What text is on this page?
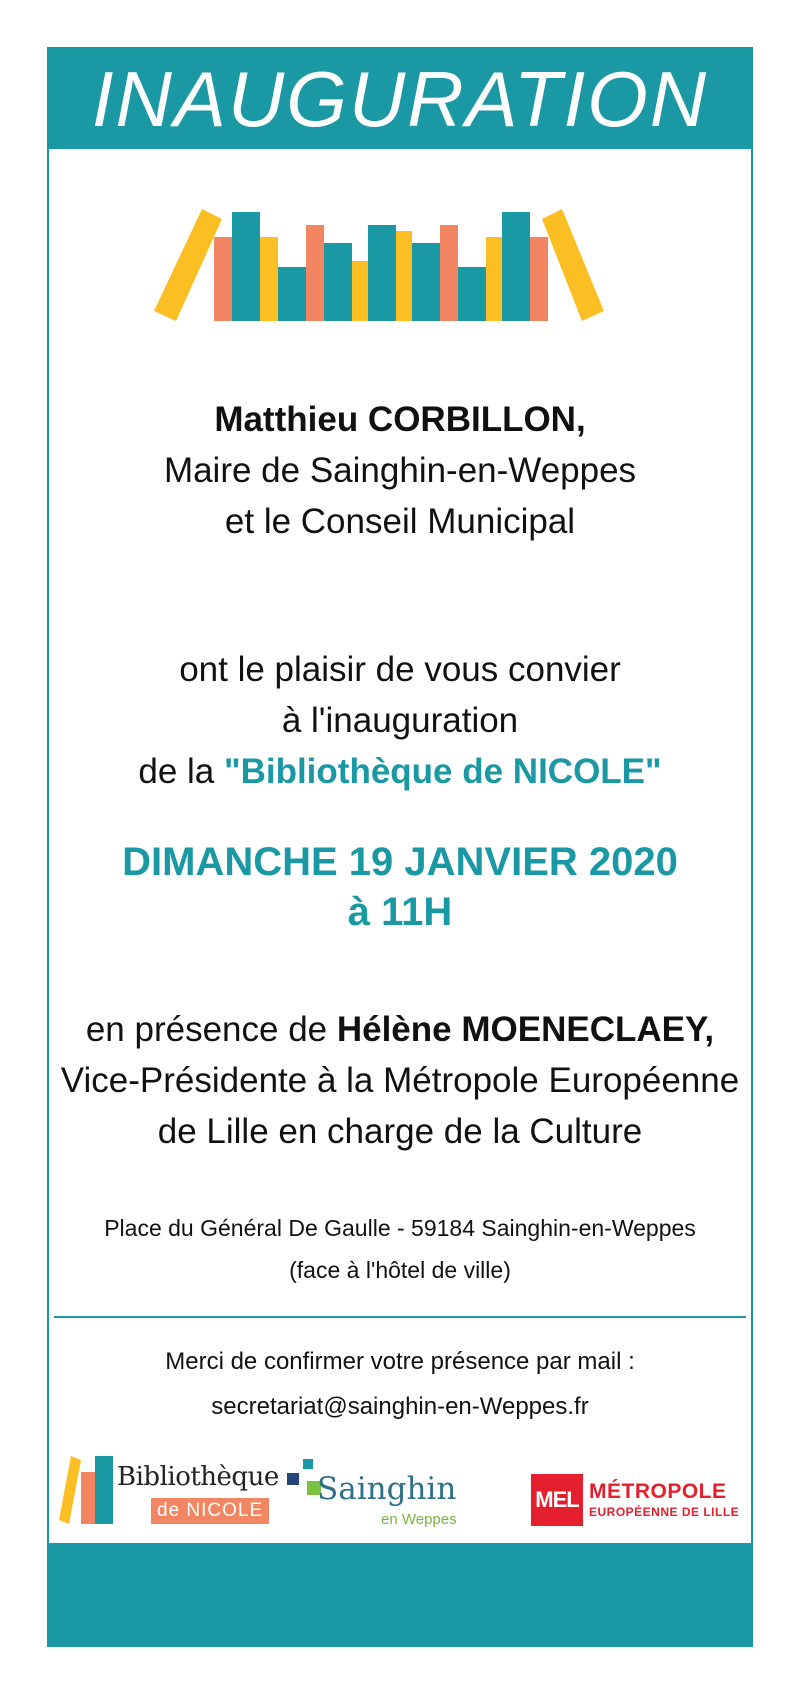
INAUGURATION
Matthieu CORBILLON,
Maire de Sainghin-en-Weppes
et le Conseil Municipal
ont le plaisir de vous convier
à l'inauguration
de la "Bibliothèque de NICOLE"
DIMANCHE 19 JANVIER 2020
à 11H
en présence de Hélène MOENECLAEY,
Vice-Présidente à la Métropole Européenne
de Lille en charge de la Culture
Place du Général De Gaulle - 59184 Sainghin-en-Weppes
(face à l'hôtel de ville)
Merci de confirmer votre présence par mail :
secretariat@sainghin-en-Weppes.fr
Bibliothèque
de NICOLE
Sainghin
en Weppes
MEL MÉTROPOLE
EUROPÉENNE DE LILLE
